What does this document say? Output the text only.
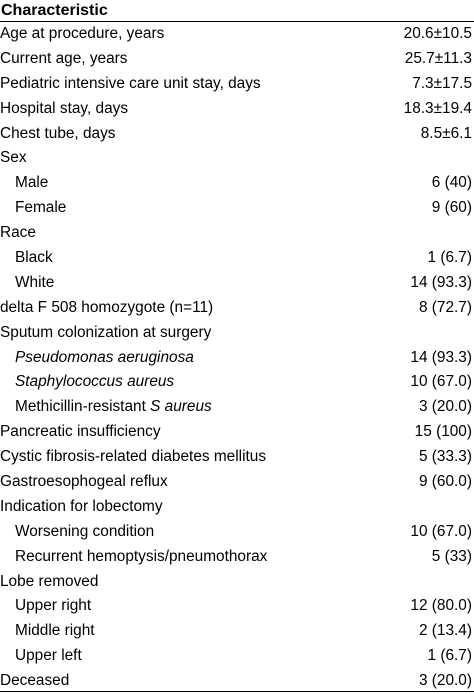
Characteristic
Age at procedure, years	20.6±10.5
Current age, years	25.7±11.3
Pediatric intensive care unit stay, days	7.3±17.5
Hospital stay, days	18.3±19.4
Chest tube, days	8.5±6.1
Sex
Male	6 (40)
Female	9 (60)
Race
Black	1 (6.7)
White	14 (93.3)
delta F 508 homozygote (n=11)	8 (72.7)
Sputum colonization at surgery
Pseudomonas aeruginosa	14 (93.3)
Staphylococcus aureus	10 (67.0)
Methicillin-resistant S aureus	3 (20.0)
Pancreatic insufficiency	15 (100)
Cystic fibrosis-related diabetes mellitus	5 (33.3)
Gastroesophogeal reflux	9 (60.0)
Indication for lobectomy
Worsening condition	10 (67.0)
Recurrent hemoptysis/pneumothorax	5 (33)
Lobe removed
Upper right	12 (80.0)
Middle right	2 (13.4)
Upper left	1 (6.7)
Deceased	3 (20.0)
